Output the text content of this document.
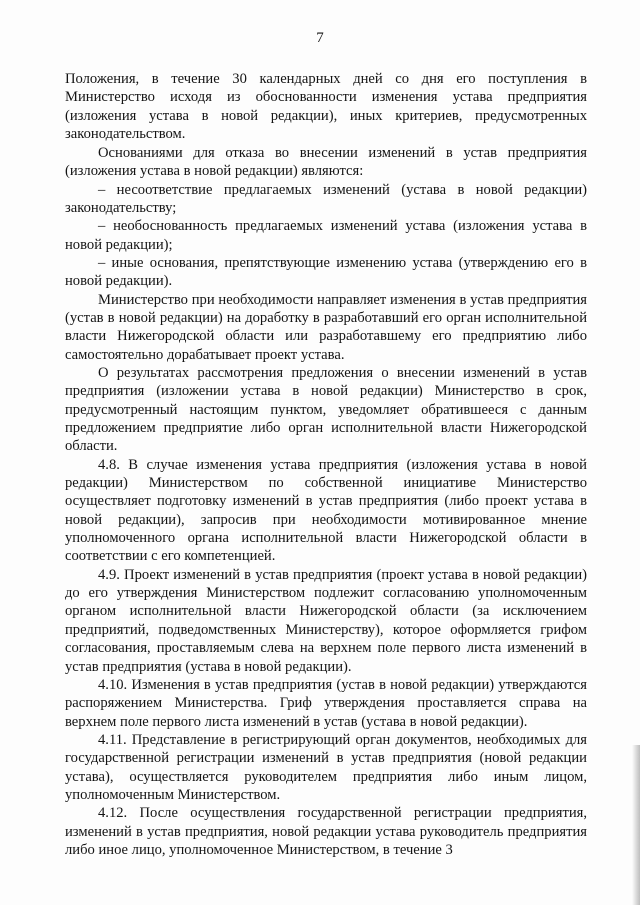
7

Положения, в течение 30 календарных дней со дня его поступления в Министерство исходя из обоснованности изменения устава предприятия (изложения устава в новой редакции), иных критериев, предусмотренных законодательством.

Основаниями для отказа во внесении изменений в устав предприятия (изложения устава в новой редакции) являются:

– несоответствие предлагаемых изменений (устава в новой редакции) законодательству;

– необоснованность предлагаемых изменений устава (изложения устава в новой редакции);

– иные основания, препятствующие изменению устава (утверждению его в новой редакции).

Министерство при необходимости направляет изменения в устав предприятия (устав в новой редакции) на доработку в разработавший его орган исполнительной власти Нижегородской области или разработавшему его предприятию либо самостоятельно дорабатывает проект устава.

О результатах рассмотрения предложения о внесении изменений в устав предприятия (изложении устава в новой редакции) Министерство в срок, предусмотренный настоящим пунктом, уведомляет обратившееся с данным предложением предприятие либо орган исполнительной власти Нижегородской области.

4.8. В случае изменения устава предприятия (изложения устава в новой редакции) Министерством по собственной инициативе Министерство осуществляет подготовку изменений в устав предприятия (либо проект устава в новой редакции), запросив при необходимости мотивированное мнение уполномоченного органа исполнительной власти Нижегородской области в соответствии с его компетенцией.

4.9. Проект изменений в устав предприятия (проект устава в новой редакции) до его утверждения Министерством подлежит согласованию уполномоченным органом исполнительной власти Нижегородской области (за исключением предприятий, подведомственных Министерству), которое оформляется грифом согласования, проставляемым слева на верхнем поле первого листа изменений в устав предприятия (устава в новой редакции).

4.10. Изменения в устав предприятия (устав в новой редакции) утверждаются распоряжением Министерства. Гриф утверждения проставляется справа на верхнем поле первого листа изменений в устав (устава в новой редакции).

4.11. Представление в регистрирующий орган документов, необходимых для государственной регистрации изменений в устав предприятия (новой редакции устава), осуществляется руководителем предприятия либо иным лицом, уполномоченным Министерством.

4.12. После осуществления государственной регистрации предприятия, изменений в устав предприятия, новой редакции устава руководитель предприятия либо иное лицо, уполномоченное Министерством, в течение 3
